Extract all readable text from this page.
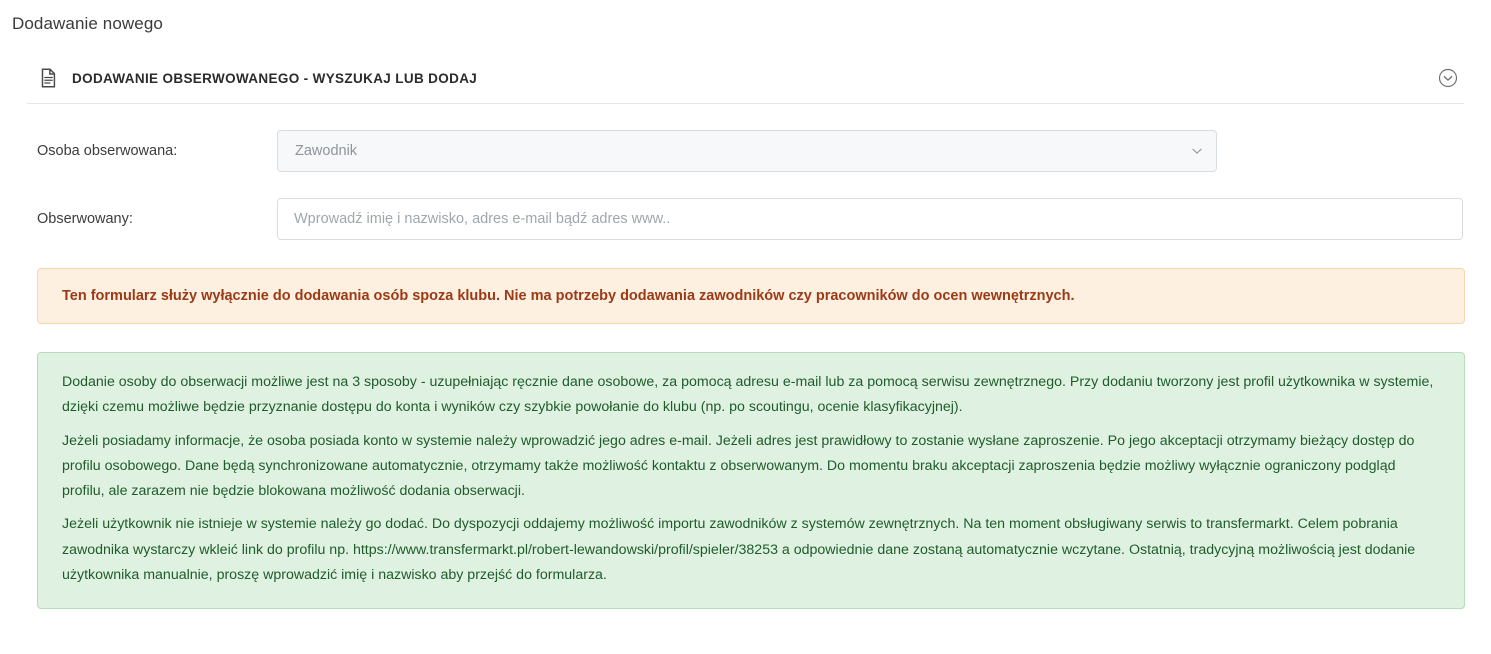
Dodawanie nowego
DODAWANIE OBSERWOWANEGO - WYSZUKAJ LUB DODAJ
Osoba obserwowana:	Zawodnik
Obserwowany:
Wprowadź imię i nazwisko, adres e-mail bądź adres www..
Ten formularz służy wyłącznie do dodawania osób spoza klubu. Nie ma potrzeby dodawania zawodników czy pracowników do ocen wewnętrznych.

Dodanie osoby do obserwacji możliwe jest na 3 sposoby - uzupełniając ręcznie dane osobowe, za pomocą adresu e-mail lub za pomocą serwisu zewnętrznego. Przy dodaniu tworzony jest profil użytkownika w systemie, dzięki czemu możliwe będzie przyznanie dostępu do konta i wyników czy szybkie powołanie do klubu (np. po scoutingu, ocenie klasyfikacyjnej).

Jeżeli posiadamy informacje, że osoba posiada konto w systemie należy wprowadzić jego adres e-mail. Jeżeli adres jest prawidłowy to zostanie wysłane zaproszenie. Po jego akceptacji otrzymamy bieżący dostęp do profilu osobowego. Dane będą synchronizowane automatycznie, otrzymamy także możliwość kontaktu z obserwowanym. Do momentu braku akceptacji zaproszenia będzie możliwy wyłącznie ograniczony podgląd profilu, ale zarazem nie będzie blokowana możliwość dodania obserwacji.

Jeżeli użytkownik nie istnieje w systemie należy go dodać. Do dyspozycji oddajemy możliwość importu zawodników z systemów zewnętrznych. Na ten moment obsługiwany serwis to transfermarkt. Celem pobrania zawodnika wystarczy wkleić link do profilu np. https://www.transfermarkt.pl/robert-lewandowski/profil/spieler/38253 a odpowiednie dane zostaną automatycznie wczytane. Ostatnią, tradycyjną możliwością jest dodanie użytkownika manualnie, proszę wprowadzić imię i nazwisko aby przejść do formularza.
